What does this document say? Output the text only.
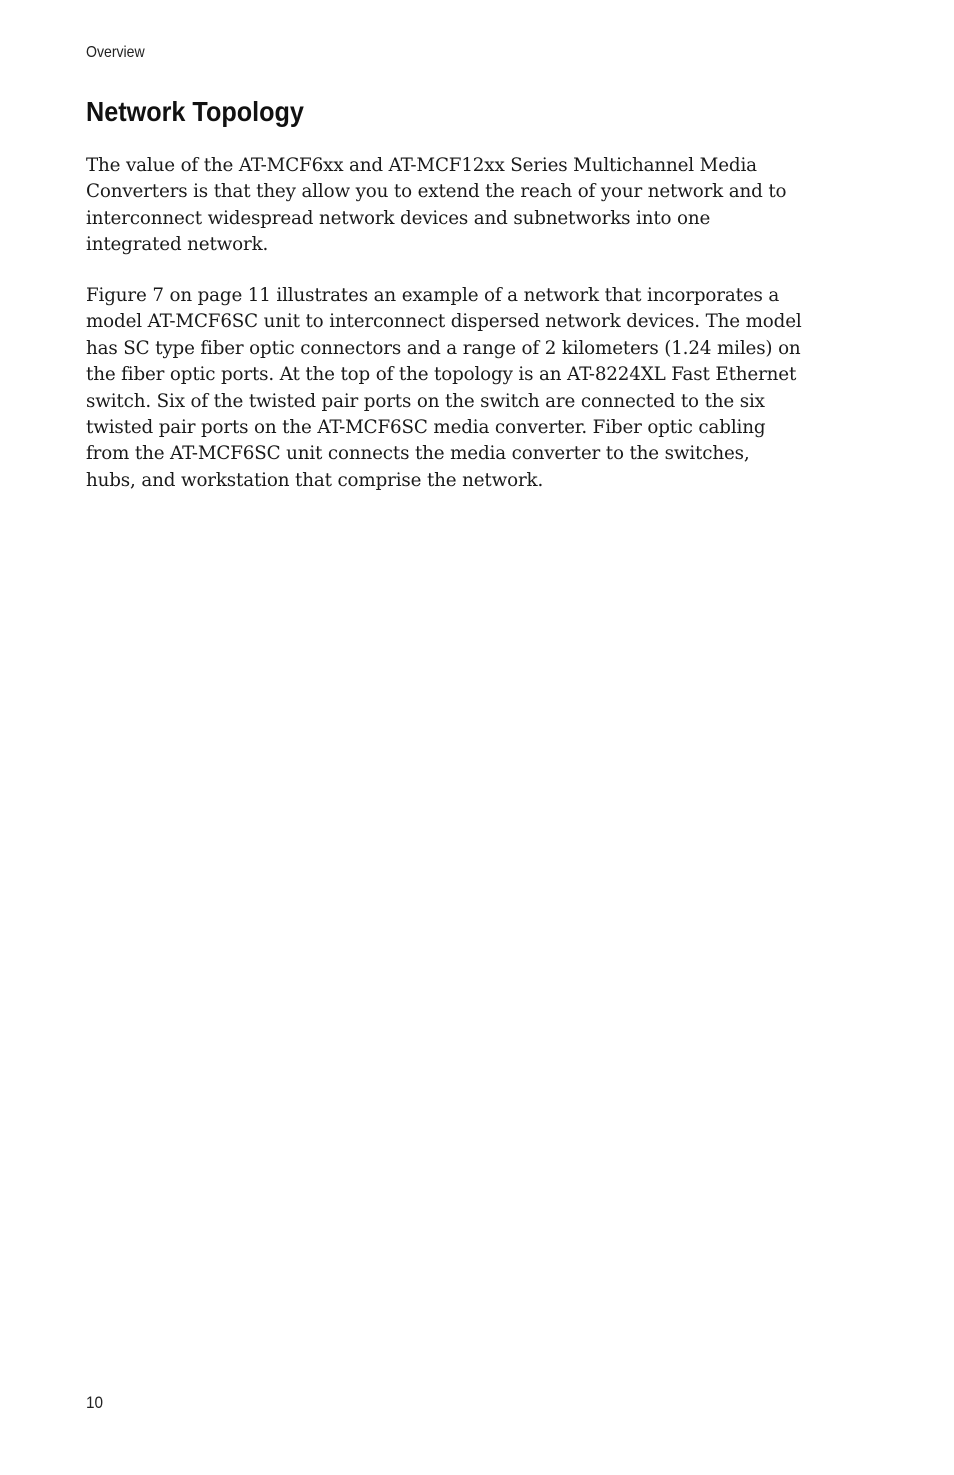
Overview
Network Topology

The value of the AT-MCF6xx and AT-MCF12xx Series Multichannel Media
Converters is that they allow you to extend the reach of your network and to
interconnect widespread network devices and subnetworks into one
integrated network.

Figure 7 on page 11 illustrates an example of a network that incorporates a
model AT-MCF6SC unit to interconnect dispersed network devices. The model
has SC type fiber optic connectors and a range of 2 kilometers (1.24 miles) on
the fiber optic ports. At the top of the topology is an AT-8224XL Fast Ethernet
switch. Six of the twisted pair ports on the switch are connected to the six
twisted pair ports on the AT-MCF6SC media converter. Fiber optic cabling
from the AT-MCF6SC unit connects the media converter to the switches,
hubs, and workstation that comprise the network.

10
